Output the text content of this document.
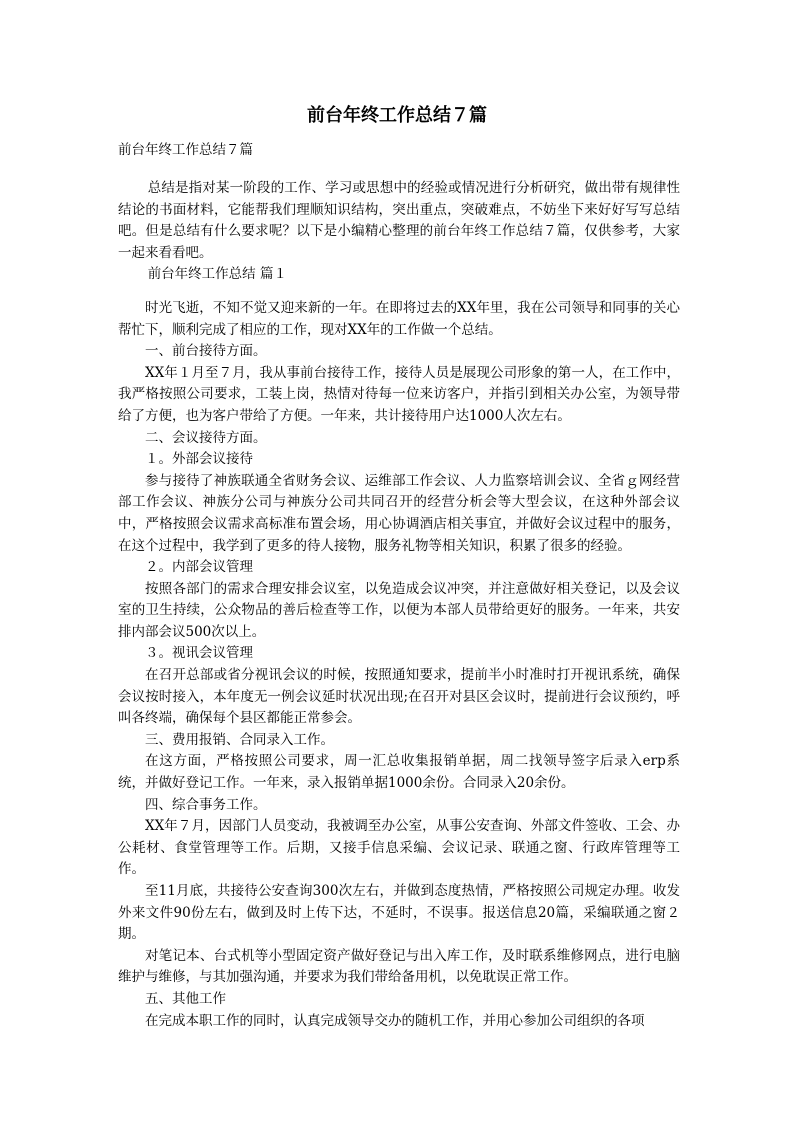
前台年终工作总结７篇

前台年终工作总结７篇

总结是指对某一阶段的工作、学习或思想中的经验或情况进行分析研究，做出带有规律性结论的书面材料，它能帮我们理顺知识结构，突出重点，突破难点，不妨坐下来好好写写总结吧。但是总结有什么要求呢？以下是小编精心整理的前台年终工作总结７篇，仅供参考，大家一起来看看吧。

前台年终工作总结 篇１

时光飞逝，不知不觉又迎来新的一年。在即将过去的XX年里，我在公司领导和同事的关心帮忙下，顺利完成了相应的工作，现对XX年的工作做一个总结。

一、前台接待方面。

XX年１月至７月，我从事前台接待工作，接待人员是展现公司形象的第一人，在工作中，我严格按照公司要求，工装上岗，热情对待每一位来访客户，并指引到相关办公室，为领导带给了方便，也为客户带给了方便。一年来，共计接待用户达1000人次左右。

二、会议接待方面。

１。外部会议接待

参与接待了神族联通全省财务会议、运维部工作会议、人力监察培训会议、全省ｇ网经营部工作会议、神族分公司与神族分公司共同召开的经营分析会等大型会议，在这种外部会议中，严格按照会议需求高标准布置会场，用心协调酒店相关事宜，并做好会议过程中的服务，在这个过程中，我学到了更多的待人接物，服务礼物等相关知识，积累了很多的经验。

２。内部会议管理

按照各部门的需求合理安排会议室，以免造成会议冲突，并注意做好相关登记，以及会议室的卫生持续，公众物品的善后检查等工作，以便为本部人员带给更好的服务。一年来，共安排内部会议500次以上。

３。视讯会议管理

在召开总部或省分视讯会议的时候，按照通知要求，提前半小时准时打开视讯系统，确保会议按时接入，本年度无一例会议延时状况出现;在召开对县区会议时，提前进行会议预约，呼叫各终端，确保每个县区都能正常参会。

三、费用报销、合同录入工作。

在这方面，严格按照公司要求，周一汇总收集报销单据，周二找领导签字后录入erp系统，并做好登记工作。一年来，录入报销单据1000余份。合同录入20余份。

四、综合事务工作。

XX年７月，因部门人员变动，我被调至办公室，从事公安查询、外部文件签收、工会、办公耗材、食堂管理等工作。后期，又接手信息采编、会议记录、联通之窗、行政库管理等工作。

至11月底，共接待公安查询300次左右，并做到态度热情，严格按照公司规定办理。收发外来文件90份左右，做到及时上传下达，不延时，不误事。报送信息20篇，采编联通之窗２期。

对笔记本、台式机等小型固定资产做好登记与出入库工作，及时联系维修网点，进行电脑维护与维修，与其加强沟通，并要求为我们带给备用机，以免耽误正常工作。

五、其他工作

在完成本职工作的同时，认真完成领导交办的随机工作，并用心参加公司组织的各项
